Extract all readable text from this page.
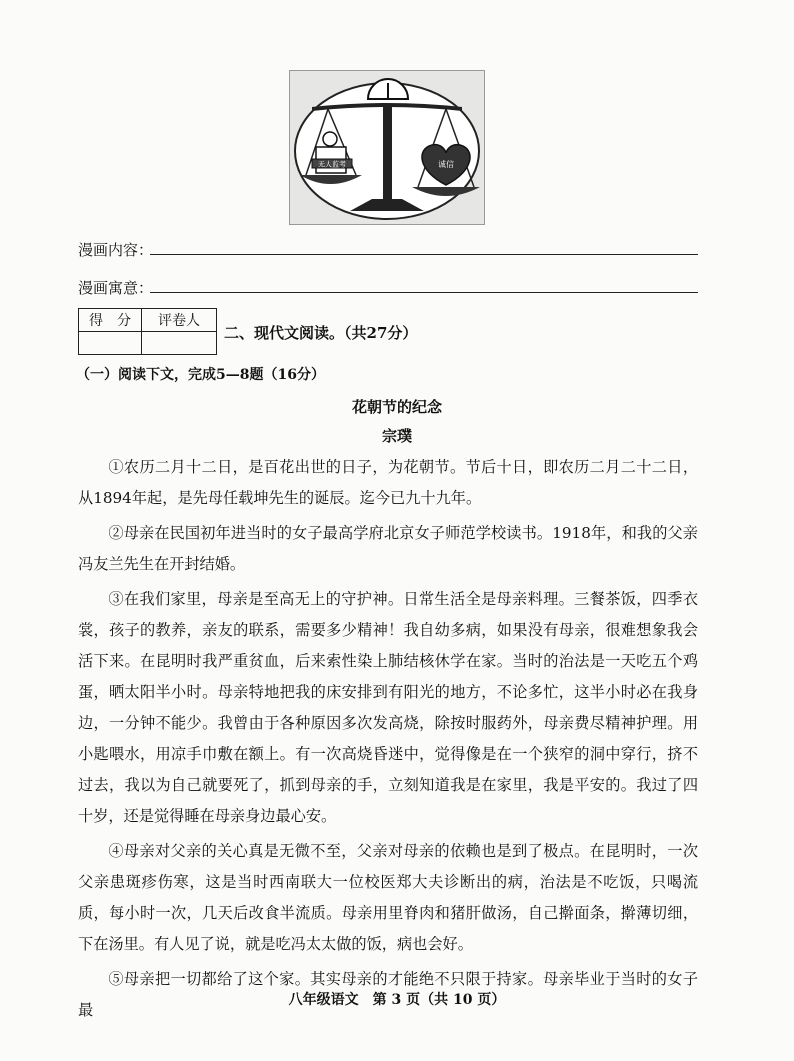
无人监考	诚信
漫画内容：
漫画寓意：
得　分	评卷人

二、现代文阅读。（共27分）
（一）阅读下文，完成5—8题（16分）
花朝节的纪念
宗璞

①农历二月十二日，是百花出世的日子，为花朝节。节后十日，即农历二月二十二日，从1894年起，是先母任载坤先生的诞辰。迄今已九十九年。

②母亲在民国初年进当时的女子最高学府北京女子师范学校读书。1918年，和我的父亲冯友兰先生在开封结婚。

③在我们家里，母亲是至高无上的守护神。日常生活全是母亲料理。三餐茶饭，四季衣裳，孩子的教养，亲友的联系，需要多少精神！我自幼多病，如果没有母亲，很难想象我会活下来。在昆明时我严重贫血，后来索性染上肺结核休学在家。当时的治法是一天吃五个鸡蛋，晒太阳半小时。母亲特地把我的床安排到有阳光的地方，不论多忙，这半小时必在我身边，一分钟不能少。我曾由于各种原因多次发高烧，除按时服药外，母亲费尽精神护理。用小匙喂水，用凉手巾敷在额上。有一次高烧昏迷中，觉得像是在一个狭窄的洞中穿行，挤不过去，我以为自己就要死了，抓到母亲的手，立刻知道我是在家里，我是平安的。我过了四十岁，还是觉得睡在母亲身边最心安。

④母亲对父亲的关心真是无微不至，父亲对母亲的依赖也是到了极点。在昆明时，一次父亲患斑疹伤寒，这是当时西南联大一位校医郑大夫诊断出的病，治法是不吃饭，只喝流质，每小时一次，几天后改食半流质。母亲用里脊肉和猪肝做汤，自己擀面条，擀薄切细，下在汤里。有人见了说，就是吃冯太太做的饭，病也会好。

⑤母亲把一切都给了这个家。其实母亲的才能绝不只限于持家。母亲毕业于当时的女子最

八年级语文　第 3 页（共 10 页）
